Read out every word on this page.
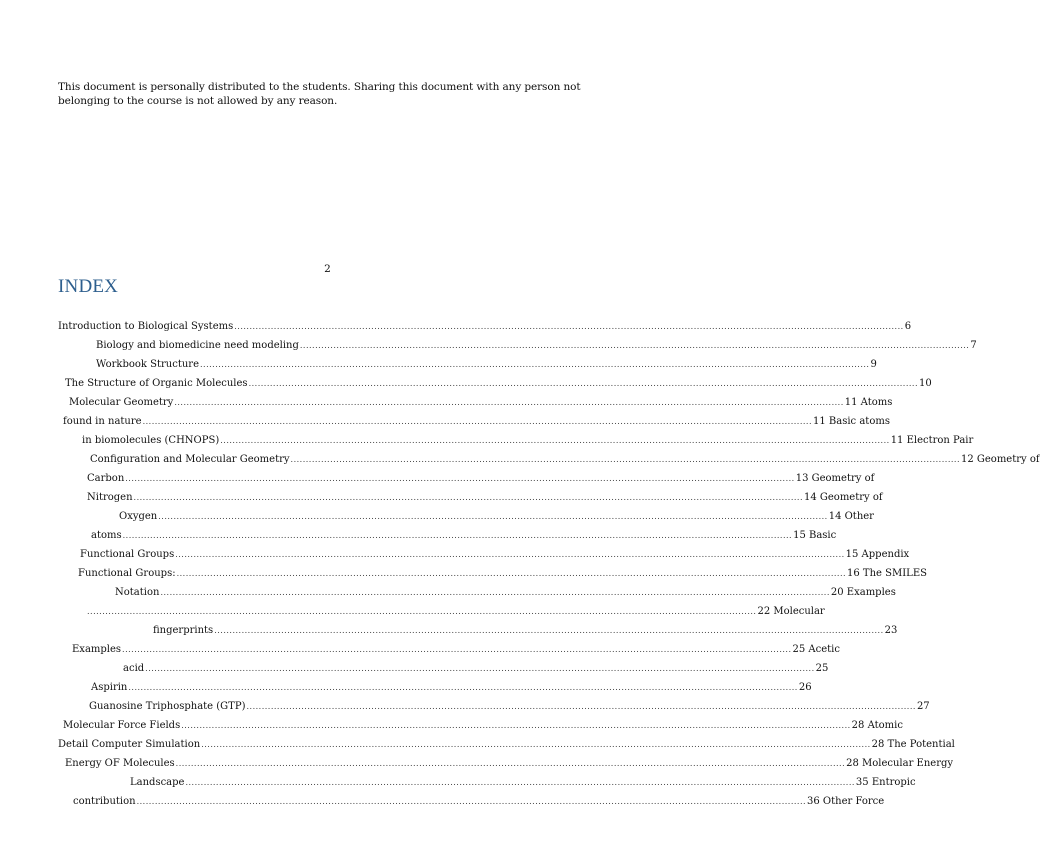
This document is personally distributed to the students. Sharing this document with any person not belonging to the course is not allowed by any reason.
2
INDEX
Introduction to Biological Systems ............................................................................................................................................................................................................................ 6
Biology and biomedicine need modeling ............................................................................................................................................................................................................................ 7
Workbook Structure ............................................................................................................................................................................................................................ 9
The Structure of Organic Molecules ............................................................................................................................................................................................................................ 10
Molecular Geometry ............................................................................................................................................................................................................................ 11 Atoms
found in nature ............................................................................................................................................................................................................................ 11 Basic atoms
in biomolecules (CHNOPS) ............................................................................................................................................................................................................................ 11 Electron Pair
Configuration and Molecular Geometry ............................................................................................................................................................................................................................ 12 Geometry of
Carbon ............................................................................................................................................................................................................................ 13 Geometry of
Nitrogen ............................................................................................................................................................................................................................ 14 Geometry of
Oxygen ............................................................................................................................................................................................................................ 14 Other
atoms ............................................................................................................................................................................................................................ 15 Basic
Functional Groups ............................................................................................................................................................................................................................ 15 Appendix
Functional Groups: ............................................................................................................................................................................................................................ 16 The SMILES
Notation ............................................................................................................................................................................................................................ 20 Examples
............................................................................................................................................................................................................................ 22 Molecular
fingerprints ............................................................................................................................................................................................................................ 23
Examples ............................................................................................................................................................................................................................ 25 Acetic
acid ............................................................................................................................................................................................................................ 25
Aspirin ............................................................................................................................................................................................................................ 26
Guanosine Triphosphate (GTP) ............................................................................................................................................................................................................................ 27
Molecular Force Fields ............................................................................................................................................................................................................................ 28 Atomic
Detail Computer Simulation ............................................................................................................................................................................................................................ 28 The Potential
Energy OF Molecules ............................................................................................................................................................................................................................ 28 Molecular Energy
Landscape ............................................................................................................................................................................................................................ 35 Entropic
contribution ............................................................................................................................................................................................................................ 36 Other Force
